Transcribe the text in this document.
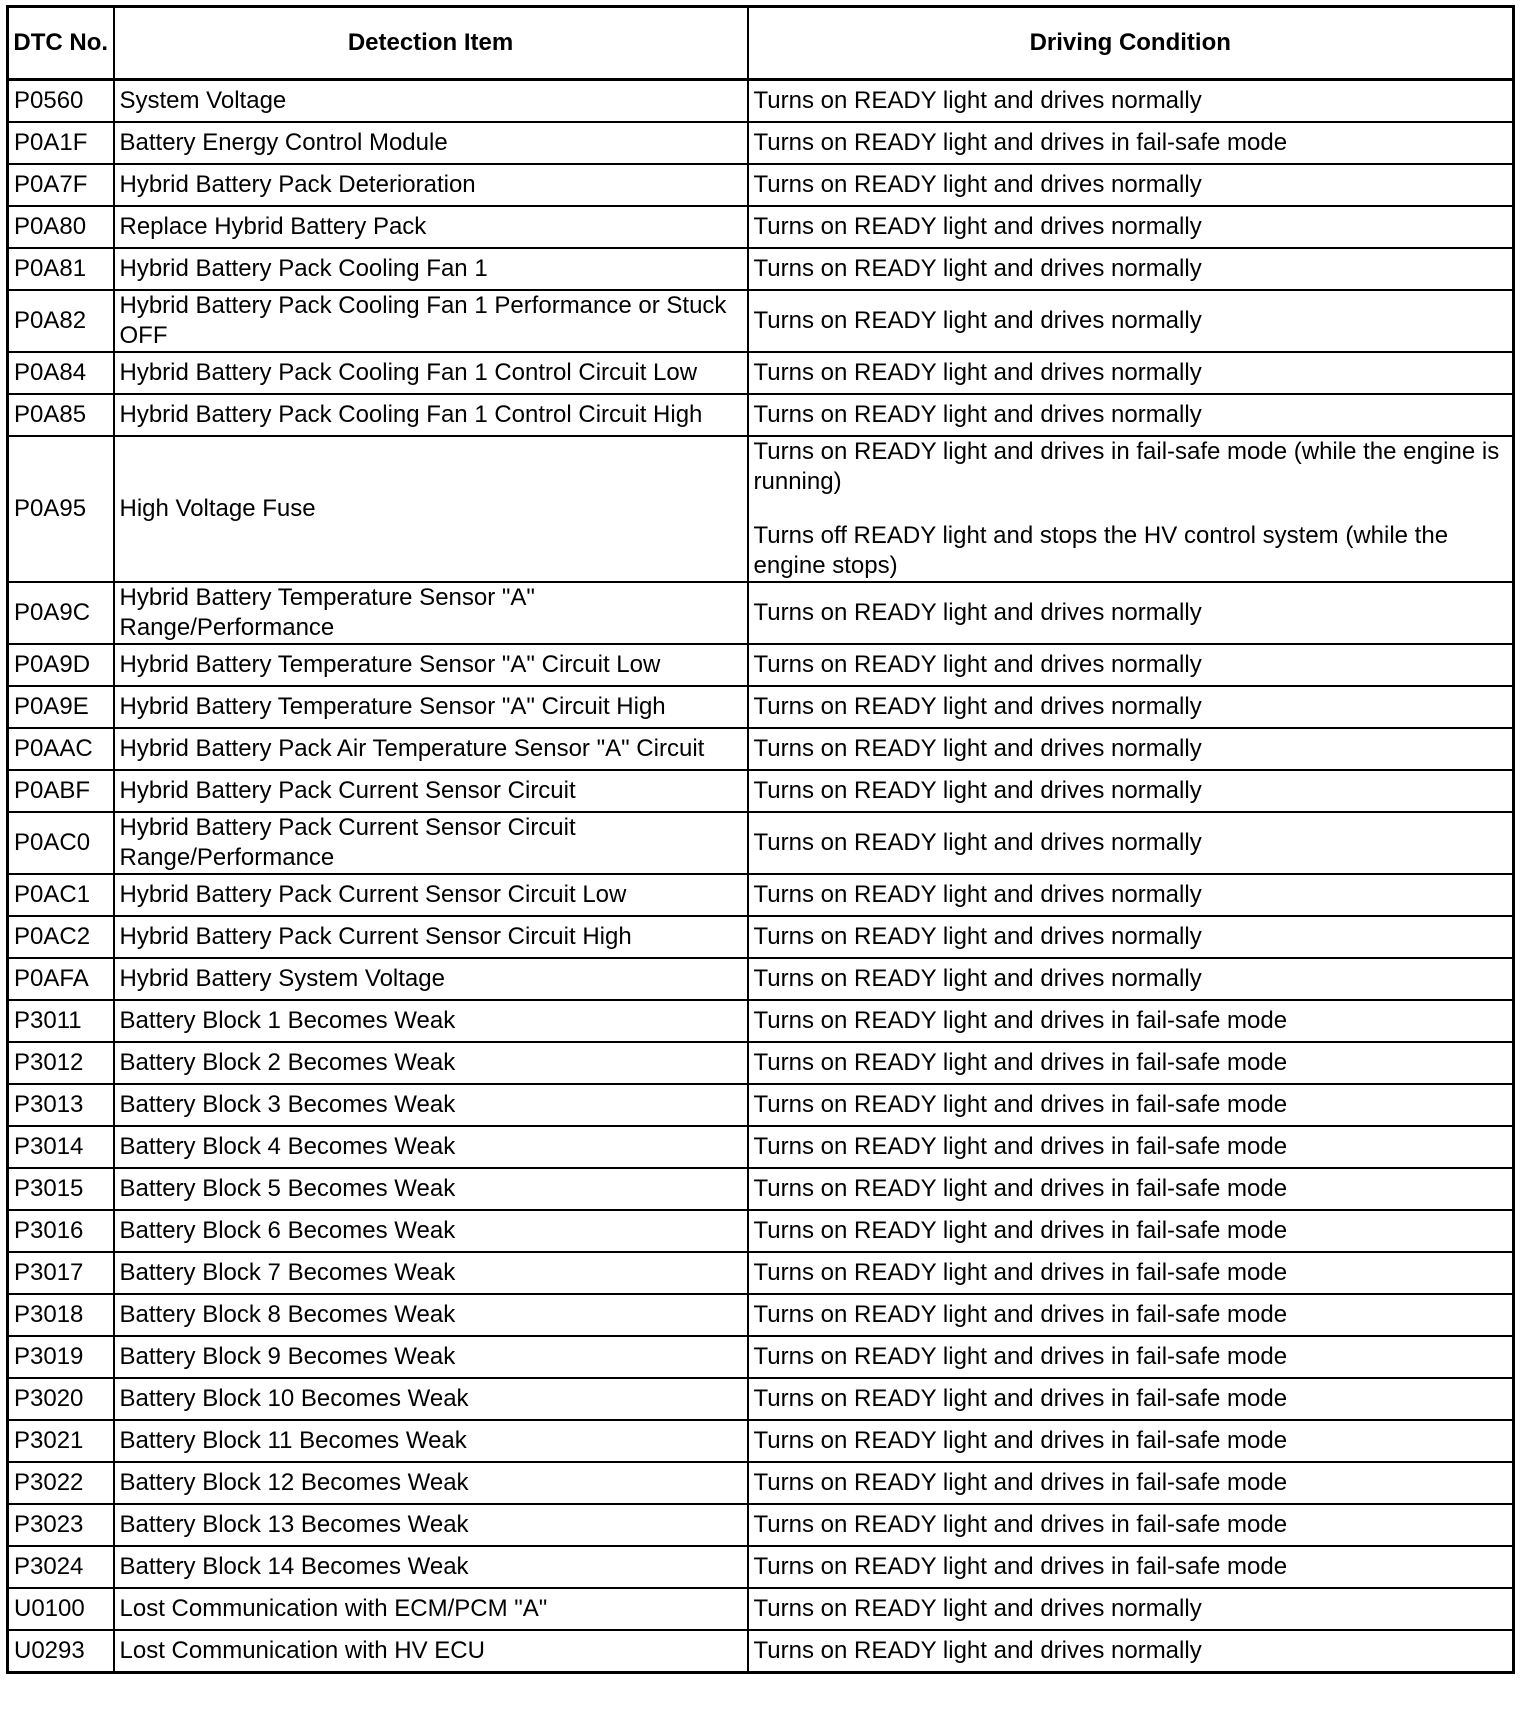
DTC No.	Detection Item	Driving Condition
P0560	System Voltage	Turns on READY light and drives normally

P0A1F	Battery Energy Control Module	Turns on READY light and drives in fail-safe mode

P0A7F	Hybrid Battery Pack Deterioration	Turns on READY light and drives normally

P0A80	Replace Hybrid Battery Pack	Turns on READY light and drives normally

P0A81	Hybrid Battery Pack Cooling Fan 1	Turns on READY light and drives normally

P0A82	Hybrid Battery Pack Cooling Fan 1 Performance or Stuck OFF	Turns on READY light and drives normally

P0A84	Hybrid Battery Pack Cooling Fan 1 Control Circuit Low	Turns on READY light and drives normally

P0A85	Hybrid Battery Pack Cooling Fan 1 Control Circuit High	Turns on READY light and drives normally

P0A95	High Voltage Fuse	Turns on READY light and drives in fail-safe mode (while the engine is running)
Turns off READY light and stops the HV control system (while the engine stops)

P0A9C	Hybrid Battery Temperature Sensor "A" Range/Performance	Turns on READY light and drives normally

P0A9D	Hybrid Battery Temperature Sensor "A" Circuit Low	Turns on READY light and drives normally

P0A9E	Hybrid Battery Temperature Sensor "A" Circuit High	Turns on READY light and drives normally

P0AAC	Hybrid Battery Pack Air Temperature Sensor "A" Circuit	Turns on READY light and drives normally

P0ABF	Hybrid Battery Pack Current Sensor Circuit	Turns on READY light and drives normally

P0AC0	Hybrid Battery Pack Current Sensor Circuit Range/Performance	Turns on READY light and drives normally

P0AC1	Hybrid Battery Pack Current Sensor Circuit Low	Turns on READY light and drives normally

P0AC2	Hybrid Battery Pack Current Sensor Circuit High	Turns on READY light and drives normally

P0AFA	Hybrid Battery System Voltage	Turns on READY light and drives normally

P3011	Battery Block 1 Becomes Weak	Turns on READY light and drives in fail-safe mode

P3012	Battery Block 2 Becomes Weak	Turns on READY light and drives in fail-safe mode

P3013	Battery Block 3 Becomes Weak	Turns on READY light and drives in fail-safe mode

P3014	Battery Block 4 Becomes Weak	Turns on READY light and drives in fail-safe mode

P3015	Battery Block 5 Becomes Weak	Turns on READY light and drives in fail-safe mode

P3016	Battery Block 6 Becomes Weak	Turns on READY light and drives in fail-safe mode

P3017	Battery Block 7 Becomes Weak	Turns on READY light and drives in fail-safe mode

P3018	Battery Block 8 Becomes Weak	Turns on READY light and drives in fail-safe mode

P3019	Battery Block 9 Becomes Weak	Turns on READY light and drives in fail-safe mode

P3020	Battery Block 10 Becomes Weak	Turns on READY light and drives in fail-safe mode

P3021	Battery Block 11 Becomes Weak	Turns on READY light and drives in fail-safe mode

P3022	Battery Block 12 Becomes Weak	Turns on READY light and drives in fail-safe mode

P3023	Battery Block 13 Becomes Weak	Turns on READY light and drives in fail-safe mode

P3024	Battery Block 14 Becomes Weak	Turns on READY light and drives in fail-safe mode

U0100	Lost Communication with ECM/PCM "A"	Turns on READY light and drives normally

U0293	Lost Communication with HV ECU	Turns on READY light and drives normally
